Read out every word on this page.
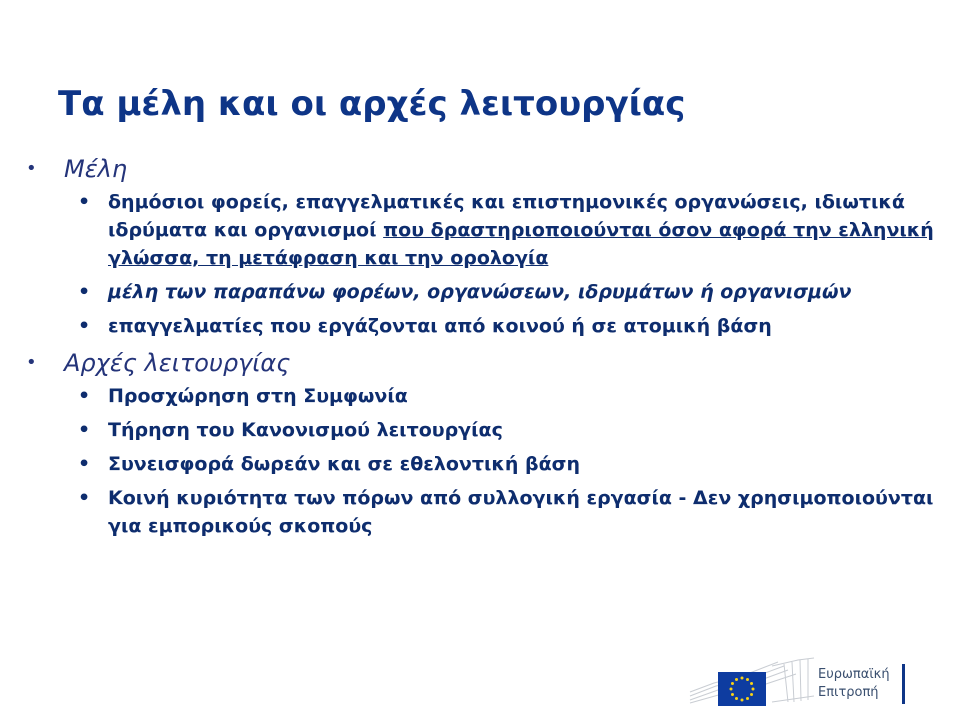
Τα μέλη και οι αρχές λειτουργίας
• Μέλη
• δημόσιοι φορείς, επαγγελματικές και επιστημονικές οργανώσεις, ιδιωτικά ιδρύματα και οργανισμοί που δραστηριοποιούνται όσον αφορά την ελληνική γλώσσα, τη μετάφραση και την ορολογία
• μέλη των παραπάνω φορέων, οργανώσεων, ιδρυμάτων ή οργανισμών
• επαγγελματίες που εργάζονται από κοινού ή σε ατομική βάση
• Αρχές λειτουργίας
• Προσχώρηση στη Συμφωνία
• Τήρηση του Κανονισμού λειτουργίας
• Συνεισφορά δωρεάν και σε εθελοντική βάση
• Κοινή κυριότητα των πόρων από συλλογική εργασία - Δεν χρησιμοποιούνται για εμπορικούς σκοπούς
Ευρωπαϊκή
Επιτροπή
